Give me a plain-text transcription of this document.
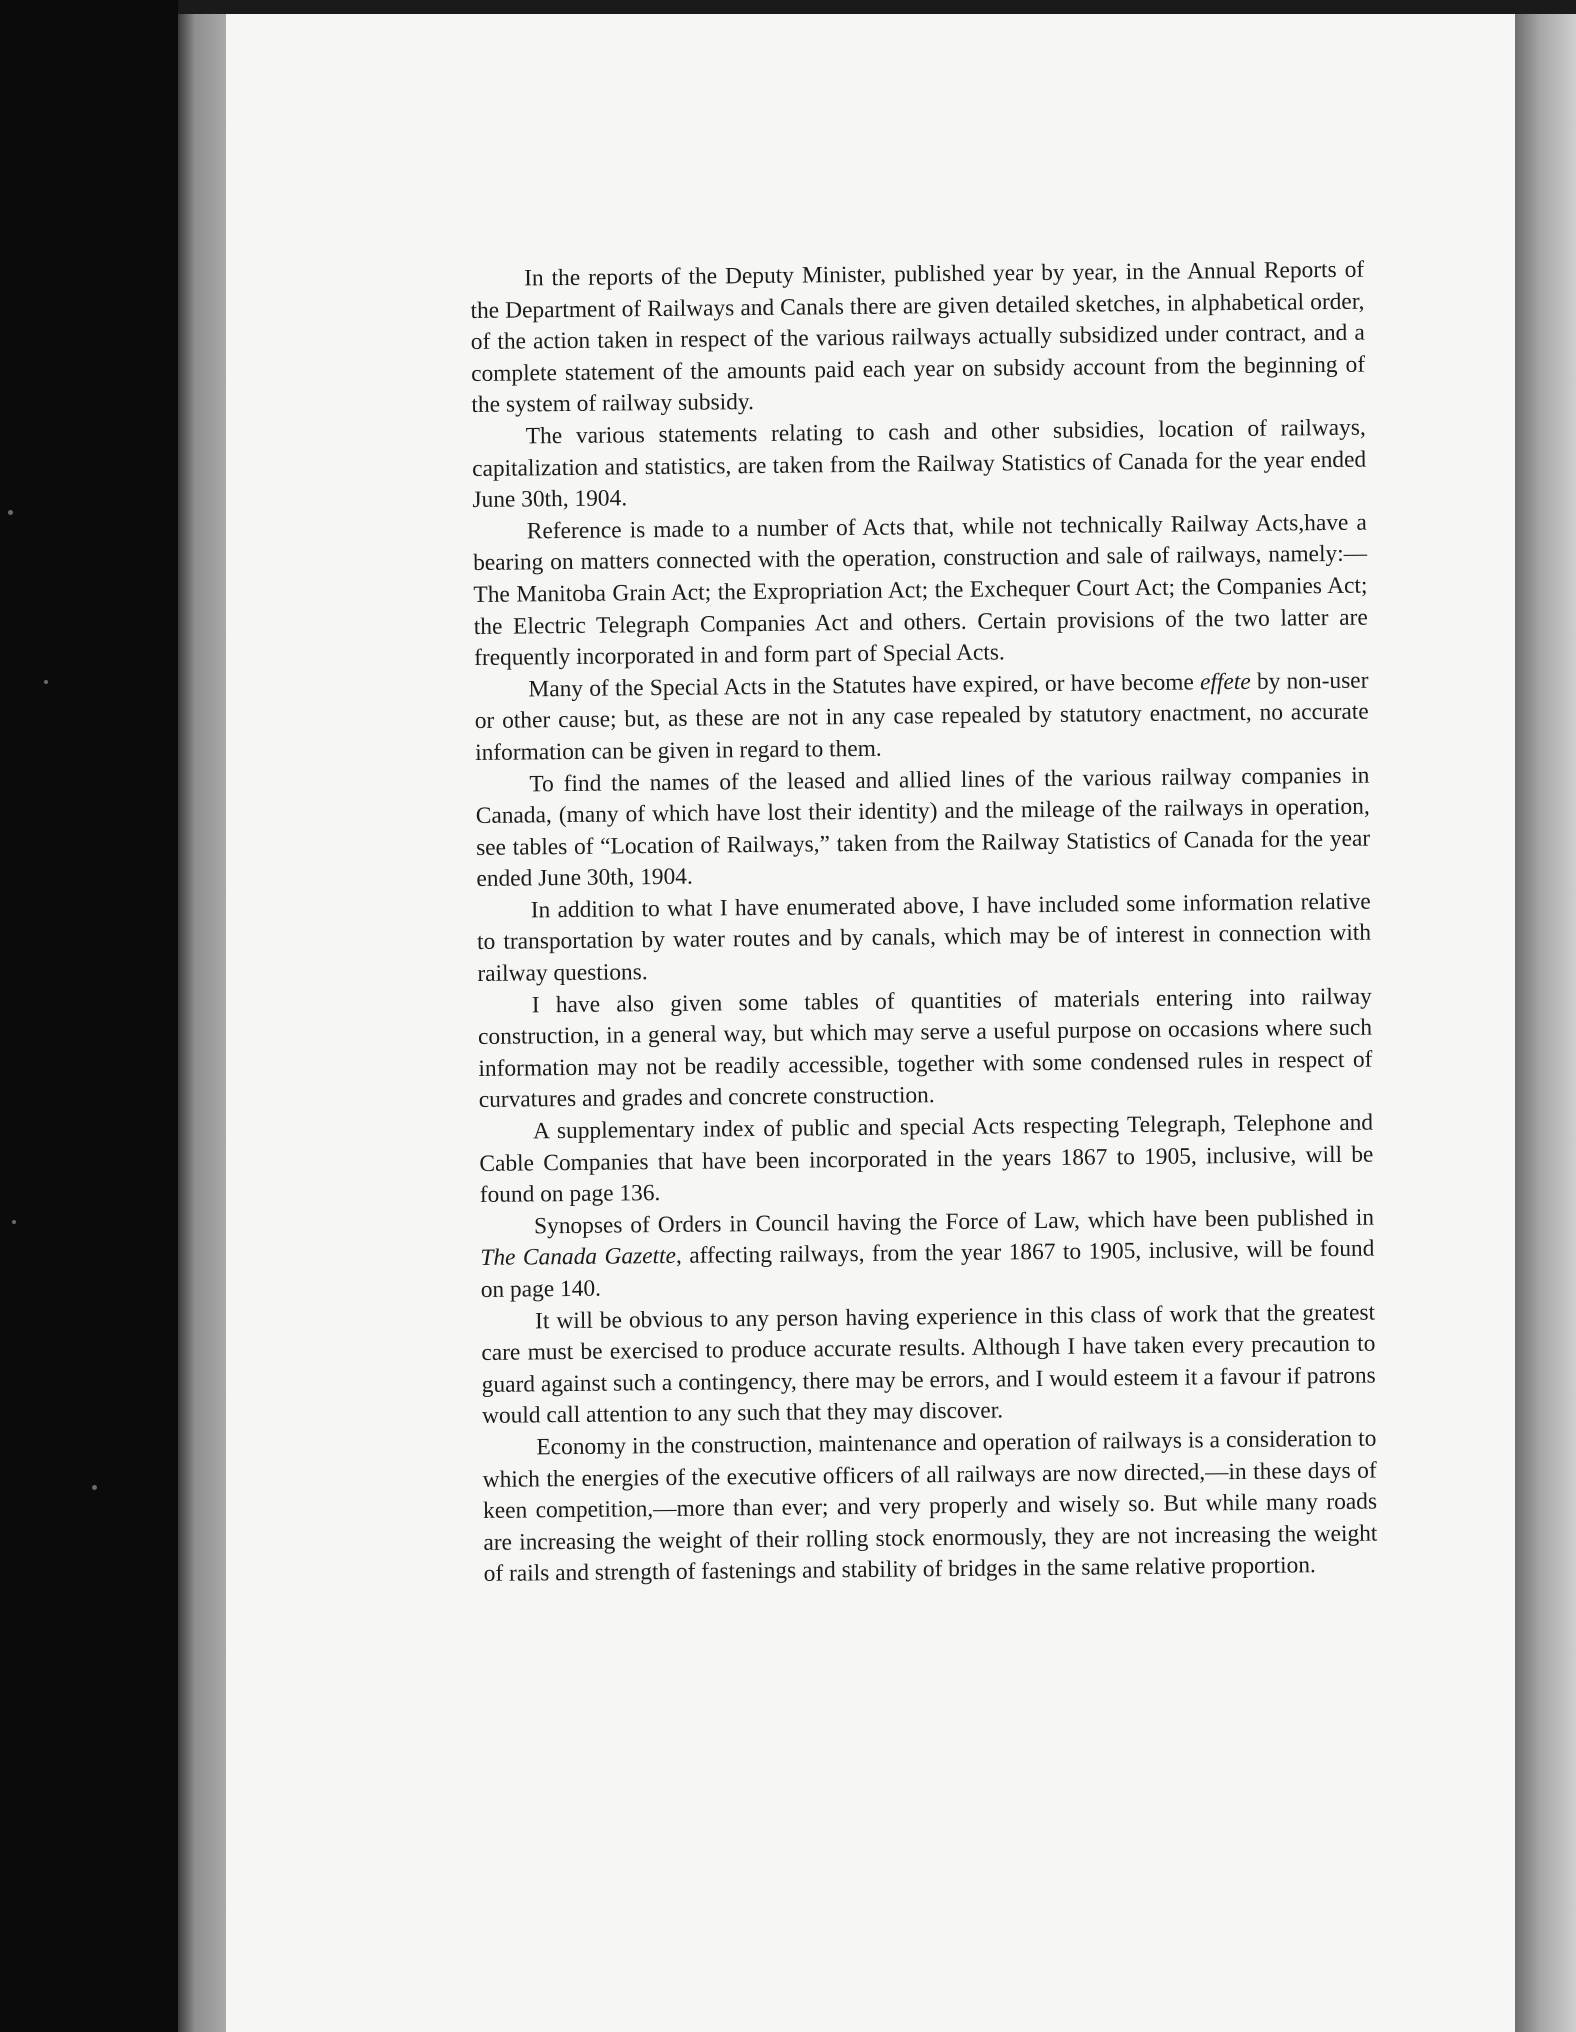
In the reports of the Deputy Minister, published year by year, in the Annual Reports of the Department of Railways and Canals there are given detailed sketches, in alphabetical order, of the action taken in respect of the various railways actually subsidized under contract, and a complete statement of the amounts paid each year on subsidy account from the beginning of the system of railway subsidy.

The various statements relating to cash and other subsidies, location of railways, capitalization and statistics, are taken from the Railway Statistics of Canada for the year ended June 30th, 1904.

Reference is made to a number of Acts that, while not technically Railway Acts,have a bearing on matters connected with the operation, construction and sale of railways, namely:—The Manitoba Grain Act; the Expropriation Act; the Exchequer Court Act; the Companies Act; the Electric Telegraph Companies Act and others. Certain provisions of the two latter are frequently incorporated in and form part of Special Acts.

Many of the Special Acts in the Statutes have expired, or have become effete by non-user or other cause; but, as these are not in any case repealed by statutory enactment, no accurate information can be given in regard to them.

To find the names of the leased and allied lines of the various railway companies in Canada, (many of which have lost their identity) and the mileage of the railways in operation, see tables of “Location of Railways,” taken from the Railway Statistics of Canada for the year ended June 30th, 1904.

In addition to what I have enumerated above, I have included some information relative to transportation by water routes and by canals, which may be of interest in connection with railway questions.

I have also given some tables of quantities of materials entering into railway construction, in a general way, but which may serve a useful purpose on occasions where such information may not be readily accessible, together with some condensed rules in respect of curvatures and grades and concrete construction.

A supplementary index of public and special Acts respecting Telegraph, Telephone and Cable Companies that have been incorporated in the years 1867 to 1905, inclusive, will be found on page 136.

Synopses of Orders in Council having the Force of Law, which have been published in The Canada Gazette, affecting railways, from the year 1867 to 1905, inclusive, will be found on page 140.

It will be obvious to any person having experience in this class of work that the greatest care must be exercised to produce accurate results. Although I have taken every precaution to guard against such a contingency, there may be errors, and I would esteem it a favour if patrons would call attention to any such that they may discover.

Economy in the construction, maintenance and operation of railways is a consideration to which the energies of the executive officers of all railways are now directed,—in these days of keen competition,—more than ever; and very properly and wisely so. But while many roads are increasing the weight of their rolling stock enormously, they are not increasing the weight of rails and strength of fastenings and stability of bridges in the same relative proportion.
